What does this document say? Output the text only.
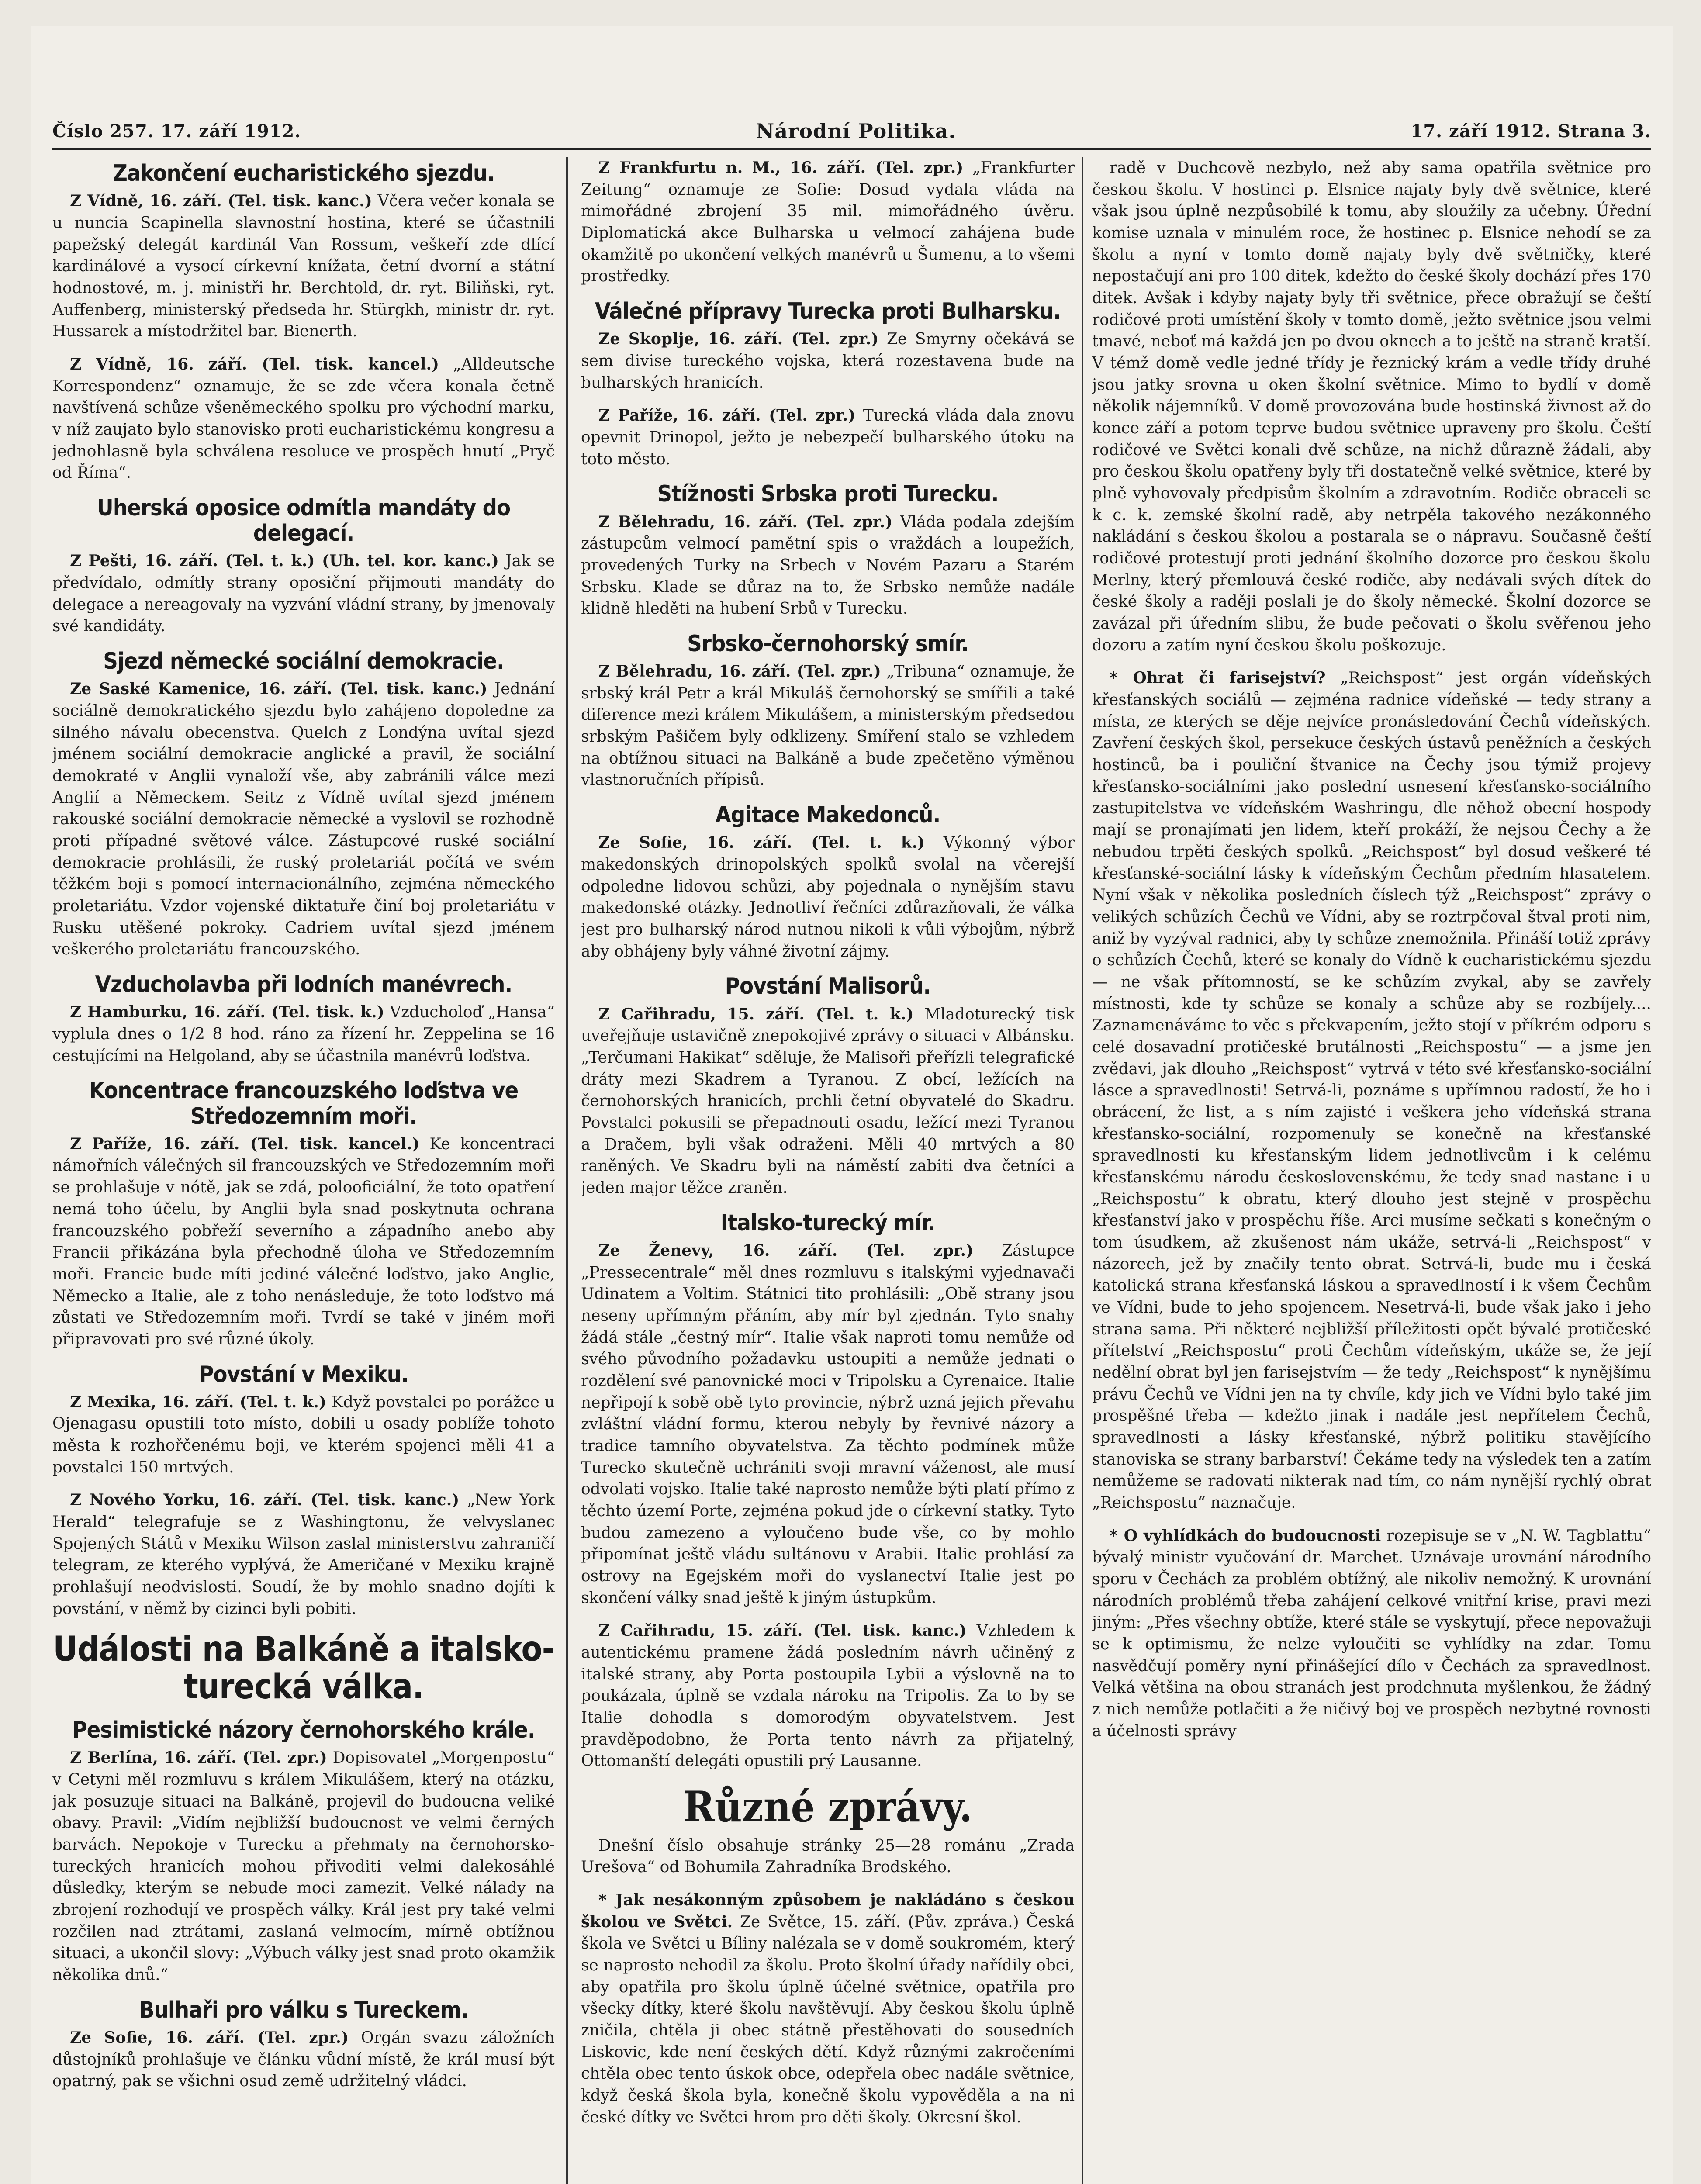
Číslo 257. 17. září 1912.	Národní Politika.	17. září 1912. Strana 3.
Zakončení eucharistického sjezdu.

Z Vídně, 16. září. (Tel. tisk. kanc.) Včera večer konala se u nuncia Scapinella slavnostní hostina, které se účastnili papežský delegát kardinál Van Rossum, veškeří zde dlící kardinálové a vysocí církevní knížata, četní dvorní a státní hodnostové, m. j. ministři hr. Berchtold, dr. ryt. Biliňski, ryt. Auffenberg, ministerský předseda hr. Stürgkh, ministr dr. ryt. Hussarek a místodržitel bar. Bienerth.

Z Vídně, 16. září. (Tel. tisk. kancel.) „Alldeutsche Korrespondenz“ oznamuje, že se zde včera konala četně navštívená schůze všeněmeckého spolku pro východní marku, v níž zaujato bylo stanovisko proti eucharistickému kongresu a jednohlasně byla schválena resoluce ve prospěch hnutí „Pryč od Říma“.

Uherská oposice odmítla mandáty do delegací.

Z Pešti, 16. září. (Tel. t. k.) (Uh. tel. kor. kanc.) Jak se předvídalo, odmítly strany oposiční přijmouti mandáty do delegace a nereagovaly na vyzvání vládní strany, by jmenovaly své kandidáty.

Sjezd německé sociální demokracie.

Ze Saské Kamenice, 16. září. (Tel. tisk. kanc.) Jednání sociálně demokratického sjezdu bylo zahájeno dopoledne za silného návalu obecenstva. Quelch z Londýna uvítal sjezd jménem sociální demokracie anglické a pravil, že sociální demokraté v Anglii vynaloží vše, aby zabránili válce mezi Anglií a Německem. Seitz z Vídně uvítal sjezd jménem rakouské sociální demokracie německé a vyslovil se rozhodně proti případné světové válce. Zástupcové ruské sociální demokracie prohlásili, že ruský proletariát počítá ve svém těžkém boji s pomocí internacionálního, zejména německého proletariátu. Vzdor vojenské diktatuře činí boj proletariátu v Rusku utěšené pokroky. Cadriem uvítal sjezd jménem veškerého proletariátu francouzského.

Vzducholavba při lodních manévrech.

Z Hamburku, 16. září. (Tel. tisk. k.) Vzducholoď „Hansa“ vyplula dnes o 1/2 8 hod. ráno za řízení hr. Zeppelina se 16 cestujícími na Helgoland, aby se účastnila manévrů loďstva.

Koncentrace francouzského loďstva ve Středozemním moři.

Z Paříže, 16. září. (Tel. tisk. kancel.) Ke koncentraci námořních válečných sil francouzských ve Středozemním moři se prohlašuje v nótě, jak se zdá, polooficiální, že toto opatření nemá toho účelu, by Anglii byla snad poskytnuta ochrana francouzského pobřeží severního a západního anebo aby Francii přikázána byla přechodně úloha ve Středozemním moři. Francie bude míti jediné válečné loďstvo, jako Anglie, Německo a Italie, ale z toho nenásleduje, že toto loďstvo má zůstati ve Středozemním moři. Tvrdí se také v jiném moři připravovati pro své různé úkoly.

Povstání v Mexiku.

Z Mexika, 16. září. (Tel. t. k.) Když povstalci po porážce u Ojenagasu opustili toto místo, dobili u osady poblíže tohoto města k rozhořčenému boji, ve kterém spojenci měli 41 a povstalci 150 mrtvých.

Z Nového Yorku, 16. září. (Tel. tisk. kanc.) „New York Herald“ telegrafuje se z Washingtonu, že velvyslanec Spojených Států v Mexiku Wilson zaslal ministerstvu zahraničí telegram, ze kterého vyplývá, že Američané v Mexiku krajně prohlašují neodvislosti. Soudí, že by mohlo snadno dojíti k povstání, v němž by cizinci byli pobiti.

Události na Balkáně a italsko-turecká válka.
Pesimistické názory černohorského krále.

Z Berlína, 16. září. (Tel. zpr.) Dopisovatel „Morgenpostu“ v Cetyni měl rozmluvu s králem Mikulášem, který na otázku, jak posuzuje situaci na Balkáně, projevil do budoucna veliké obavy. Pravil: „Vidím nejbližší budoucnost ve velmi černých barvách. Nepokoje v Turecku a přehmaty na černohorsko-tureckých hranicích mohou přivoditi velmi dalekosáhlé důsledky, kterým se nebude moci zamezit. Velké nálady na zbrojení rozhodují ve prospěch války. Král jest pry také velmi rozčilen nad ztrátami, zaslaná velmocím, mírně obtížnou situaci, a ukončil slovy: „Výbuch války jest snad proto okamžik několika dnů.“

Bulhaři pro válku s Tureckem.

Ze Sofie, 16. září. (Tel. zpr.) Orgán svazu záložních důstojníků prohlašuje ve článku vůdní místě, že král musí být opatrný, pak se všichni osud země udržitelný vládci.

Z Frankfurtu n. M., 16. září. (Tel. zpr.) „Frankfurter Zeitung“ oznamuje ze Sofie: Dosud vydala vláda na mimořádné zbrojení 35 mil. mimořádného úvěru. Diplomatická akce Bulharska u velmocí zahájena bude okamžitě po ukončení velkých manévrů u Šumenu, a to všemi prostředky.

Válečné přípravy Turecka proti Bulharsku.

Ze Skoplje, 16. září. (Tel. zpr.) Ze Smyrny očekává se sem divise tureckého vojska, která rozestavena bude na bulharských hranicích.

Z Paříže, 16. září. (Tel. zpr.) Turecká vláda dala znovu opevnit Drinopol, ježto je nebezpečí bulharského útoku na toto město.

Stížnosti Srbska proti Turecku.

Z Bělehradu, 16. září. (Tel. zpr.) Vláda podala zdejším zástupcům velmocí pamětní spis o vraždách a loupežích, provedených Turky na Srbech v Novém Pazaru a Starém Srbsku. Klade se důraz na to, že Srbsko nemůže nadále klidně hleděti na hubení Srbů v Turecku.

Srbsko-černohorský smír.

Z Bělehradu, 16. září. (Tel. zpr.) „Tribuna“ oznamuje, že srbský král Petr a král Mikuláš černohorský se smířili a také diference mezi králem Mikulášem, a ministerským předsedou srbským Pašičem byly odklizeny. Smíření stalo se vzhledem na obtížnou situaci na Balkáně a bude zpečetěno výměnou vlastnoručních přípisů.

Agitace Makedonců.

Ze Sofie, 16. září. (Tel. t. k.) Výkonný výbor makedonských drinopolských spolků svolal na včerejší odpoledne lidovou schůzi, aby pojednala o nynějším stavu makedonské otázky. Jednotliví řečníci zdůrazňovali, že válka jest pro bulharský národ nutnou nikoli k vůli výbojům, nýbrž aby obhájeny byly váhné životní zájmy.

Povstání Malisorů.

Z Cařihradu, 15. září. (Tel. t. k.) Mladoturecký tisk uveřejňuje ustavičně znepokojivé zprávy o situaci v Albánsku. „Terčumani Hakikat“ sděluje, že Malisoři přeřízli telegrafické dráty mezi Skadrem a Tyranou. Z obcí, ležících na černohorských hranicích, prchli četní obyvatelé do Skadru. Povstalci pokusili se přepadnouti osadu, ležící mezi Tyranou a Dračem, byli však odraženi. Měli 40 mrtvých a 80 raněných. Ve Skadru byli na náměstí zabiti dva četníci a jeden major těžce zraněn.

Italsko-turecký mír.

Ze Ženevy, 16. září. (Tel. zpr.) Zástupce „Pressecentrale“ měl dnes rozmluvu s italskými vyjednavači Udinatem a Voltim. Státnici tito prohlásili: „Obě strany jsou neseny upřímným přáním, aby mír byl zjednán. Tyto snahy žádá stále „čestný mír“. Italie však naproti tomu nemůže od svého původního požadavku ustoupiti a nemůže jednati o rozdělení své panovnické moci v Tripolsku a Cyrenaice. Italie nepřipojí k sobě obě tyto provincie, nýbrž uzná jejich převahu zvláštní vládní formu, kterou nebyly by řevnivé názory a tradice tamního obyvatelstva. Za těchto podmínek může Turecko skutečně uchrániti svoji mravní váženost, ale musí odvolati vojsko. Italie také naprosto nemůže býti platí přímo z těchto území Porte, zejména pokud jde o církevní statky. Tyto budou zamezeno a vyloučeno bude vše, co by mohlo připomínat ještě vládu sultánovu v Arabii. Italie prohlásí za ostrovy na Egejském moři do vyslanectví Italie jest po skončení války snad ještě k jiným ústupkům.

Z Cařihradu, 15. září. (Tel. tisk. kanc.) Vzhledem k autentickému pramene žádá posledním návrh učiněný z italské strany, aby Porta postoupila Lybii a výslovně na to poukázala, úplně se vzdala nároku na Tripolis. Za to by se Italie dohodla s domorodým obyvatelstvem. Jest pravděpodobno, že Porta tento návrh za přijatelný, Ottomanští delegáti opustili prý Lausanne.

Různé zprávy.

Dnešní číslo obsahuje stránky 25—28 románu „Zrada Urešova“ od Bohumila Zahradníka Brodského.

* Jak nesákonným způsobem je nakládáno s českou školou ve Světci. Ze Světce, 15. září. (Pův. zpráva.) Česká škola ve Světci u Bíliny nalézala se v domě soukromém, který se naprosto nehodil za školu. Proto školní úřady nařídily obci, aby opatřila pro školu úplně účelné světnice, opatřila pro všecky dítky, které školu navštěvují. Aby českou školu úplně zničila, chtěla ji obec státně přestěhovati do sousedních Liskovic, kde není českých dětí. Když různými zakročeními chtěla obec tento úskok obce, odepřela obec nadále světnice, když česká škola byla, konečně školu vypověděla a na ni české dítky ve Světci hrom pro děti školy. Okresní škol.

radě v Duchcově nezbylo, než aby sama opatřila světnice pro českou školu. V hostinci p. Elsnice najaty byly dvě světnice, které však jsou úplně nezpůsobilé k tomu, aby sloužily za učebny. Úřední komise uznala v minulém roce, že hostinec p. Elsnice nehodí se za školu a nyní v tomto domě najaty byly dvě světničky, které nepostačují ani pro 100 ditek, kdežto do české školy dochází přes 170 ditek. Avšak i kdyby najaty byly tři světnice, přece obražují se čeští rodičové proti umístění školy v tomto domě, ježto světnice jsou velmi tmavé, neboť má každá jen po dvou oknech a to ještě na straně kratší. V témž domě vedle jedné třídy je řeznický krám a vedle třídy druhé jsou jatky srovna u oken školní světnice. Mimo to bydlí v domě několik nájemníků. V domě provozována bude hostinská živnost až do konce září a potom teprve budou světnice upraveny pro školu. Čeští rodičové ve Světci konali dvě schůze, na nichž důrazně žádali, aby pro českou školu opatřeny byly tři dostatečně velké světnice, které by plně vyhovovaly předpisům školním a zdravotním. Rodiče obraceli se k c. k. zemské školní radě, aby netrpěla takového nezákonného nakládání s českou školou a postarala se o nápravu. Současně čeští rodičové protestují proti jednání školního dozorce pro českou školu Merlny, který přemlouvá české rodiče, aby nedávali svých dítek do české školy a raději poslali je do školy německé. Školní dozorce se zavázal při úředním slibu, že bude pečovati o školu svěřenou jeho dozoru a zatím nyní českou školu poškozuje.

* Ohrat či farisejství? „Reichspost“ jest orgán vídeňských křesťanských sociálů — zejména radnice vídeňské — tedy strany a místa, ze kterých se děje nejvíce pronásledování Čechů vídeňských. Zavření českých škol, persekuce českých ústavů peněžních a českých hostinců, ba i pouliční štvanice na Čechy jsou týmiž projevy křesťansko-sociálními jako poslední usnesení křesťansko-sociálního zastupitelstva ve vídeňském Washringu, dle něhož obecní hospody mají se pronajímati jen lidem, kteří prokáží, že nejsou Čechy a že nebudou trpěti českých spolků. „Reichspost“ byl dosud veškeré té křesťanské-sociální lásky k vídeňským Čechům předním hlasatelem. Nyní však v několika posledních číslech týž „Reichspost“ zprávy o velikých schůzích Čechů ve Vídni, aby se roztrpčoval štval proti nim, aniž by vyzýval radnici, aby ty schůze znemožnila. Přináší totiž zprávy o schůzích Čechů, které se konaly do Vídně k eucharistickému sjezdu — ne však přítomností, se ke schůzím zvykal, aby se zavřely místnosti, kde ty schůze se konaly a schůze aby se rozbíjely.... Zaznamenáváme to věc s překvapením, ježto stojí v příkrém odporu s celé dosavadní protičeské brutálnosti „Reichspostu“ — a jsme jen zvědavi, jak dlouho „Reichspost“ vytrvá v této své křesťansko-sociální lásce a spravedlnosti! Setrvá-li, poznáme s upřímnou radostí, že ho i obrácení, že list, a s ním zajisté i veškera jeho vídeňská strana křesťansko-sociální, rozpomenuly se konečně na křesťanské spravedlnosti ku křesťanským lidem jednotlivcům i k celému křesťanskému národu československému, že tedy snad nastane i u „Reichspostu“ k obratu, který dlouho jest stejně v prospěchu křesťanství jako v prospěchu říše. Arci musíme sečkati s konečným o tom úsudkem, až zkušenost nám ukáže, setrvá-li „Reichspost“ v názorech, jež by značily tento obrat. Setrvá-li, bude mu i česká katolická strana křesťanská láskou a spravedlností i k všem Čechům ve Vídni, bude to jeho spojencem. Nesetrvá-li, bude však jako i jeho strana sama. Při některé nejbližší příležitosti opět bývalé protičeské přítelství „Reichspostu“ proti Čechům vídeňským, ukáže se, že její nedělní obrat byl jen farisejstvím — že tedy „Reichspost“ k nynějšímu právu Čechů ve Vídni jen na ty chvíle, kdy jich ve Vídni bylo také jim prospěšné třeba — kdežto jinak i nadále jest nepřítelem Čechů, spravedlnosti a lásky křesťanské, nýbrž politiku stavějícího stanoviska se strany barbarství! Čekáme tedy na výsledek ten a zatím nemůžeme se radovati nikterak nad tím, co nám nynější rychlý obrat „Reichspostu“ naznačuje.

* O vyhlídkách do budoucnosti rozepisuje se v „N. W. Tagblattu“ bývalý ministr vyučování dr. Marchet. Uznávaje urovnání národního sporu v Čechách za problém obtížný, ale nikoliv nemožný. K urovnání národních problémů třeba zahájení celkové vnitřní krise, pravi mezi jiným: „Přes všechny obtíže, které stále se vyskytují, přece nepovažuji se k optimismu, že nelze vyloučiti se vyhlídky na zdar. Tomu nasvědčují poměry nyní přinášející dílo v Čechách za spravedlnost. Velká většina na obou stranách jest prodchnuta myšlenkou, že žádný z nich nemůže potlačiti a že ničivý boj ve prospěch nezbytné rovnosti a účelnosti správy
